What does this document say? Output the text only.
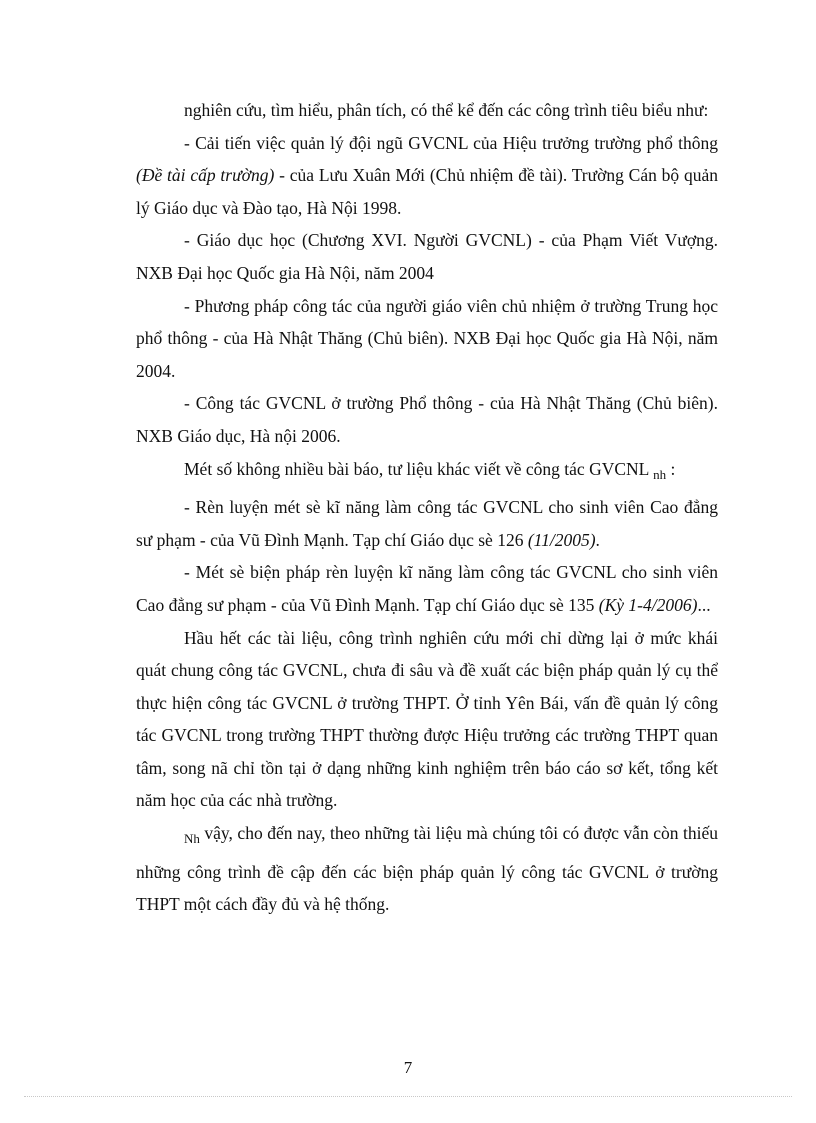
nghiên cứu, tìm hiểu, phân tích, có thể kể đến các công trình tiêu biểu như:

- Cải tiến việc quản lý đội ngũ GVCNL của Hiệu trưởng trường phổ thông (Đề tài cấp trường) - của Lưu Xuân Mới (Chủ nhiệm đề tài). Trường Cán bộ quản lý Giáo dục và Đào tạo, Hà Nội 1998.

- Giáo dục học (Chương XVI. Người GVCNL) - của Phạm Viết Vượng. NXB Đại học Quốc gia Hà Nội, năm 2004

- Phương pháp công tác của người giáo viên chủ nhiệm ở trường Trung học phổ thông - của Hà Nhật Thăng (Chủ biên). NXB Đại học Quốc gia Hà Nội, năm 2004.

- Công tác GVCNL ở trường Phổ thông - của Hà Nhật Thăng (Chủ biên). NXB Giáo dục, Hà nội 2006.

Mét số không nhiều bài báo, tư liệu khác viết về công tác GVCNL $_{nh}$ :

- Rèn luyện mét sè kĩ năng làm công tác GVCNL cho sinh viên Cao đẳng sư phạm - của Vũ Đình Mạnh. Tạp chí Giáo dục sè 126 (11/2005).

- Mét sè biện pháp rèn luyện kĩ năng làm công tác GVCNL cho sinh viên Cao đẳng sư phạm - của Vũ Đình Mạnh. Tạp chí Giáo dục sè 135 (Kỳ 1-4/2006)...

Hầu hết các tài liệu, công trình nghiên cứu mới chỉ dừng lại ở mức khái quát chung công tác GVCNL, chưa đi sâu và đề xuất các biện pháp quản lý cụ thể thực hiện công tác GVCNL ở trường THPT. Ở tỉnh Yên Bái, vấn đề quản lý công tác GVCNL trong trường THPT thường được Hiệu trưởng các trường THPT quan tâm, song nã chỉ tồn tại ở dạng những kinh nghiệm trên báo cáo sơ kết, tổng kết năm học của các nhà trường.

$_{Nh}$ vậy, cho đến nay, theo những tài liệu mà chúng tôi có được vẫn còn thiếu những công trình đề cập đến các biện pháp quản lý công tác GVCNL ở trường THPT một cách đầy đủ và hệ thống.

7
